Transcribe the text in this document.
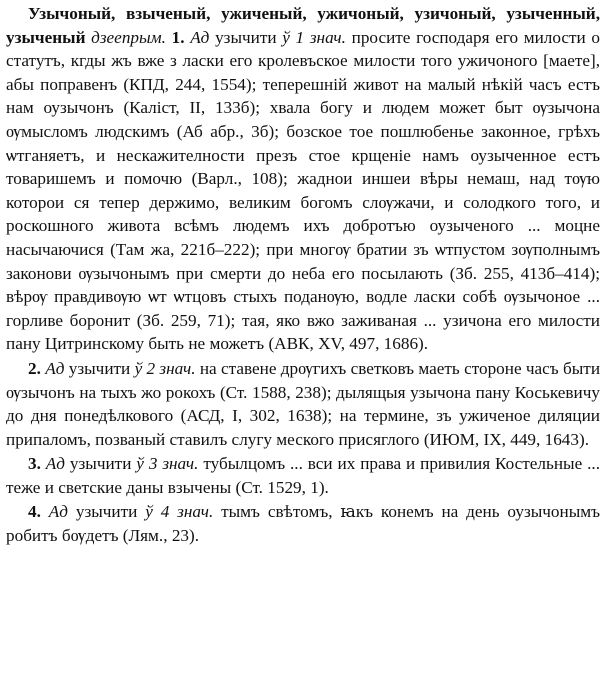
Узычоный, взыченый, ужиченый, ужичоный, узичоный, узыченный, узыченый дзеепрым. 1. Ад узычити ў 1 знач. просите господаря его милости о статутъ, кгды жъ вже з ласки его кролевъское милости того ужичоного [маете], абы поправенъ (КПД, 244, 1554); теперешній живот на малый нѣкій часъ естъ нам оузычонъ (Каліст, II, 133б); хвала богу и людем может быт ѹзычона ѹмысломъ людскимъ (Аб абр., 3б); бозское тое пошлюбенье законное, грѣхъ ѡтганяетъ, и нескажителности презъ стое крщеніе намъ оузыченное естъ товаришемъ и помочю (Варл., 108); жаднои иншеи вѣры немаш, над тѹю которои ся тепер держимо, великим богомъ слѹжачи, и солодкого того, и роскошного живота всѣмъ людемъ ихъ добротъю оузыченого ... моцне насычаючися (Там жа, 221б–222); при многѹ братии зъ ѡтпустом зѹполнымъ законови ѹзычонымъ при смерти до неба его посылають (Зб. 255, 413б–414); вѣрѹ правдивѹю ѡт ѡтцовъ стыхъ поданѹю, водле ласки собѣ ѹзычоное ... горливе боронит (Зб. 259, 71); тая, яко вжо заживаная ... узичона его милости пану Цитринскому быть не можетъ (АВК, XV, 497, 1686).

2. Ад узычити ў 2 знач. на ставене дрѹгихъ светковъ маеть стороне часъ быти ѹзычонъ на тыхъ жо рокохъ (Ст. 1588, 238); дылящыя узычона пану Коськевичу до дня понедѣлкового (АСД, I, 302, 1638); на термине, зъ ужиченое диляции припаломъ, позваный ставилъ слугу меского присяглого (ИЮМ, IX, 449, 1643).

3. Ад узычити ў 3 знач. тубылцомъ ... вси их права и привилия Костельные ... теже и светские даны взычены (Ст. 1529, 1).

4. Ад узычити ў 4 знач. тымъ свѣтомъ, ꙗкъ конемъ на день оузычонымъ робитъ бѹдетъ (Лям., 23).
